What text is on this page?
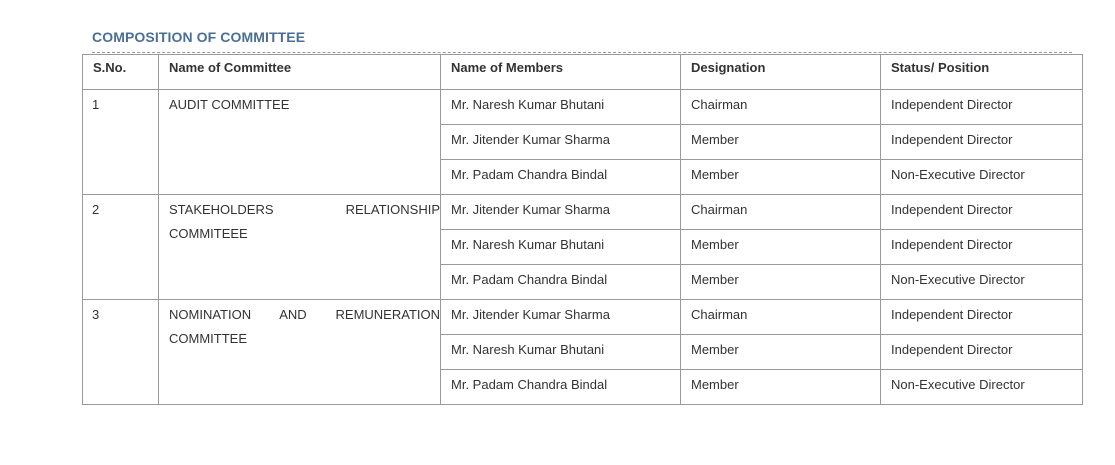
COMPOSITION OF COMMITTEE
S.No.	Name of Committee	Name of Members	Designation	Status/ Position
1	AUDIT COMMITTEE	Mr. Naresh Kumar Bhutani	Chairman	Independent Director
		Mr. Jitender Kumar Sharma	Member	Independent Director
		Mr. Padam Chandra Bindal	Member	Non-Executive Director
2	STAKEHOLDERS RELATIONSHIP COMMITEEE	Mr. Jitender Kumar Sharma	Chairman	Independent Director
		Mr. Naresh Kumar Bhutani	Member	Independent Director
		Mr. Padam Chandra Bindal	Member	Non-Executive Director
3	NOMINATION AND REMUNERATION COMMITTEE	Mr. Jitender Kumar Sharma	Chairman	Independent Director
		Mr. Naresh Kumar Bhutani	Member	Independent Director
		Mr. Padam Chandra Bindal	Member	Non-Executive Director
